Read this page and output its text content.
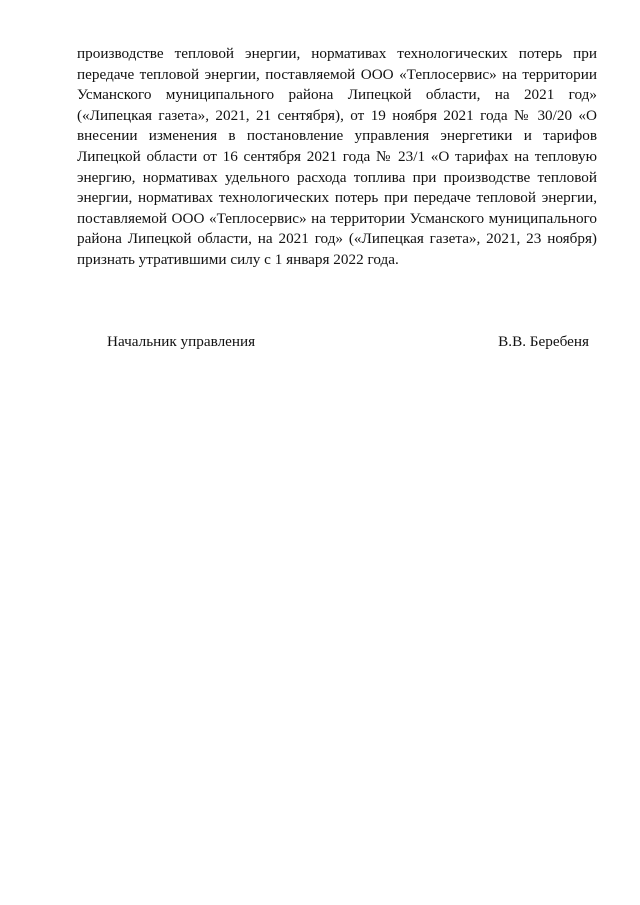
производстве тепловой энергии, нормативах технологических потерь при
передаче тепловой энергии, поставляемой ООО «Теплосервис» на территории
Усманского муниципального района Липецкой области, на 2021 год»
(«Липецкая газета», 2021, 21 сентября), от 19 ноября 2021 года № 30/20 «О
внесении изменения в постановление управления энергетики и тарифов
Липецкой области от 16 сентября 2021 года № 23/1 «О тарифах на тепловую
энергию, нормативах удельного расхода топлива при производстве тепловой
энергии, нормативах технологических потерь при передаче тепловой энергии,
поставляемой ООО «Теплосервис» на территории Усманского муниципального
района Липецкой области, на 2021 год» («Липецкая газета», 2021, 23 ноября)
признать утратившими силу с 1 января 2022 года.
Начальник управления	В.В. Беребеня
